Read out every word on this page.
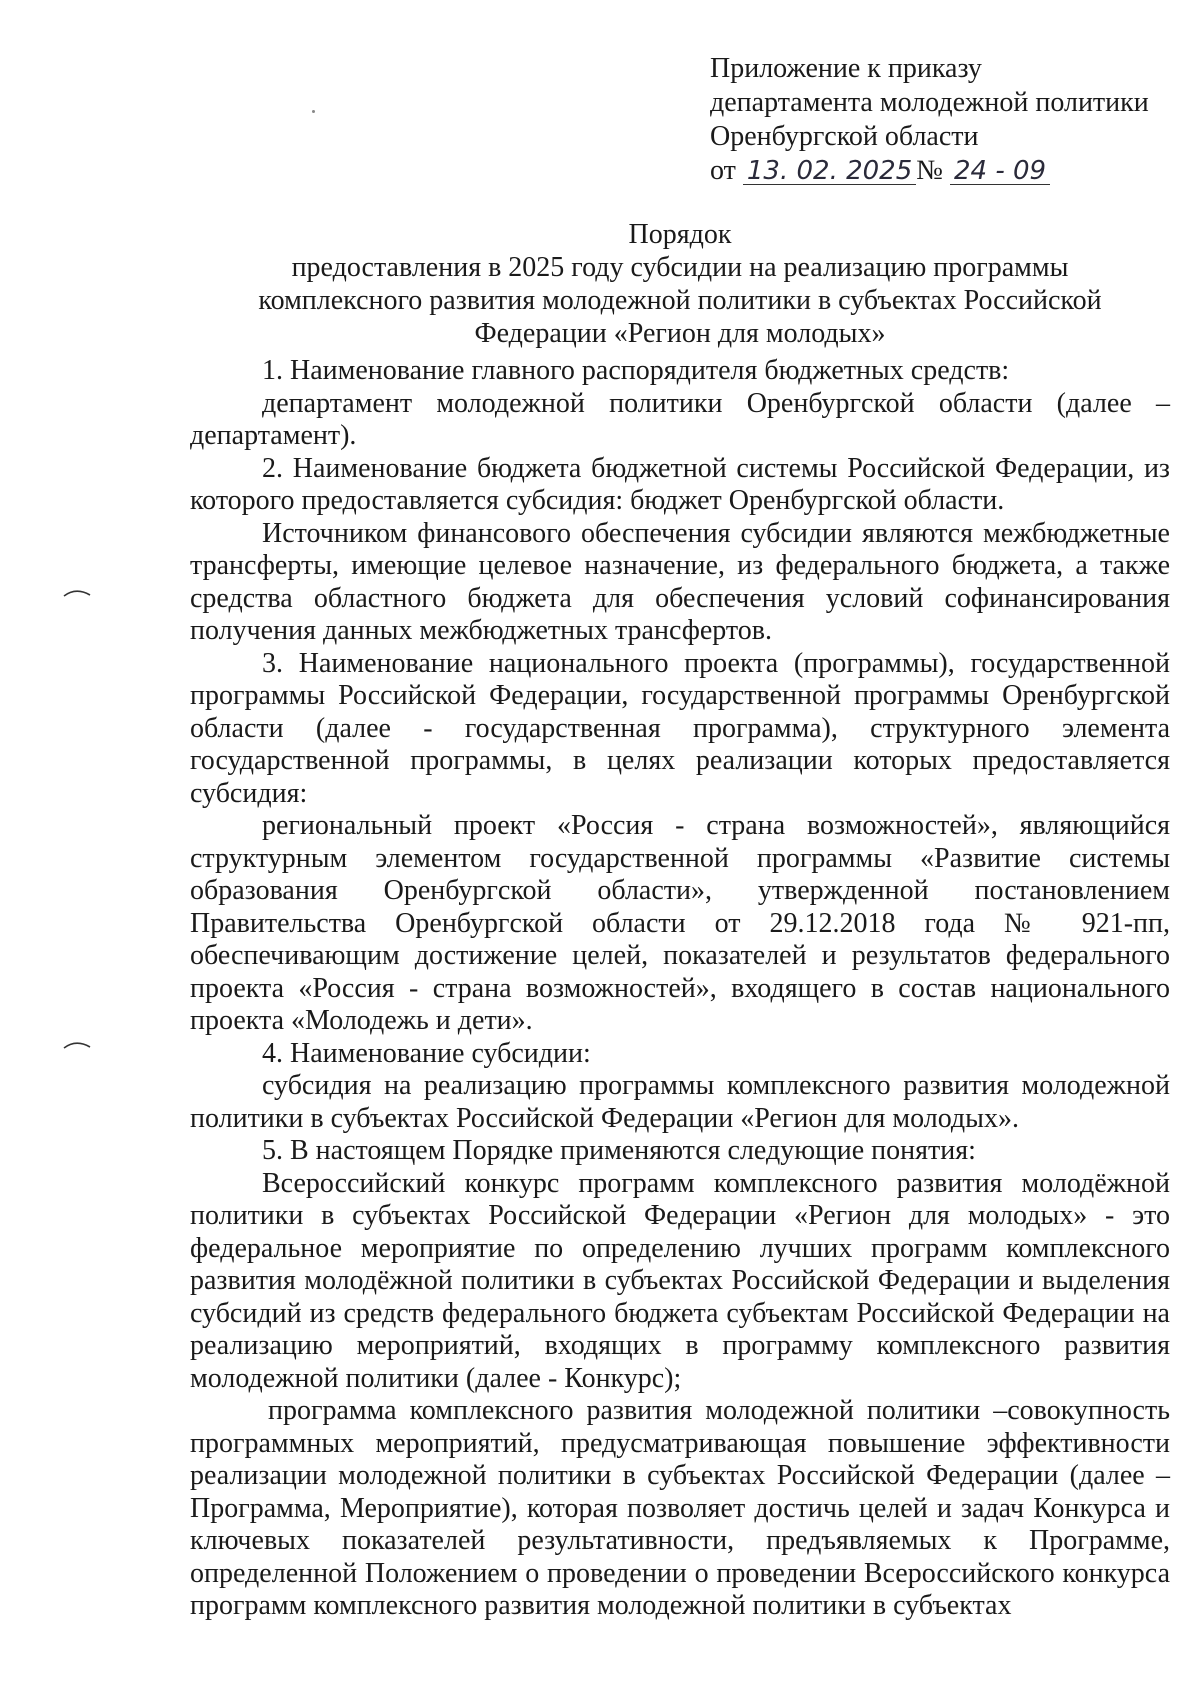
Приложение к приказу
департамента молодежной политики
Оренбургской области
от 13. 02. 2025 № 24 - 09
Порядок
предоставления в 2025 году субсидии на реализацию программы
комплексного развития молодежной политики в субъектах Российской
Федерации «Регион для молодых»

1. Наименование главного распорядителя бюджетных средств:

департамент молодежной политики Оренбургской области (далее – департамент).

2. Наименование бюджета бюджетной системы Российской Федерации, из которого предоставляется субсидия: бюджет Оренбургской области.

Источником финансового обеспечения субсидии являются межбюджетные трансферты, имеющие целевое назначение, из федерального бюджета, а также средства областного бюджета для обеспечения условий софинансирования получения данных межбюджетных трансфертов.

3. Наименование национального проекта (программы), государственной программы Российской Федерации, государственной программы Оренбургской области (далее - государственная программа), структурного элемента государственной программы, в целях реализации которых предоставляется субсидия:

региональный проект «Россия - страна возможностей», являющийся структурным элементом государственной программы «Развитие системы образования Оренбургской области», утвержденной постановлением Правительства Оренбургской области от 29.12.2018 года № 921-пп, обеспечивающим достижение целей, показателей и результатов федерального проекта «Россия - страна возможностей», входящего в состав национального проекта «Молодежь и дети».

4. Наименование субсидии:

субсидия на реализацию программы комплексного развития молодежной политики в субъектах Российской Федерации «Регион для молодых».

5. В настоящем Порядке применяются следующие понятия:

Всероссийский конкурс программ комплексного развития молодёжной политики в субъектах Российской Федерации «Регион для молодых» - это федеральное мероприятие по определению лучших программ комплексного развития молодёжной политики в субъектах Российской Федерации и выделения субсидий из средств федерального бюджета субъектам Российской Федерации на реализацию мероприятий, входящих в программу комплексного развития молодежной политики (далее - Конкурс);

программа комплексного развития молодежной политики –совокупность программных мероприятий, предусматривающая повышение эффективности реализации молодежной политики в субъектах Российской Федерации (далее – Программа, Мероприятие), которая позволяет достичь целей и задач Конкурса и ключевых показателей результативности, предъявляемых к Программе, определенной Положением о проведении о проведении Всероссийского конкурса программ комплексного развития молодежной политики в субъектах
